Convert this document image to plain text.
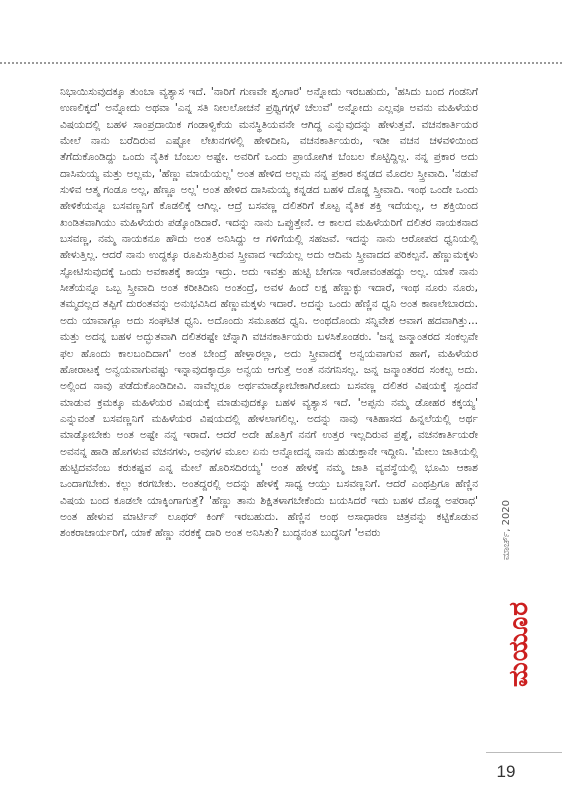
ನಿಭಾಯಿಸುವುದಕ್ಕೂ ತುಂಬಾ ವ್ಯತ್ಯಾಸ ಇದೆ. 'ನಾರಿಗೆ ಗುಣವೇ ಶೃಂಗಾರ' ಅನ್ನೋದು ಇರಬಹುದು, 'ಹಸಿದು ಬಂದ ಗಂಡನಿಗೆ ಉಣಲಿಕ್ಕದೆ' ಅನ್ನೋದು ಅಥವಾ 'ಎನ್ನ ಸತಿ ನೀಲಲೋಚನೆ ಪ್ರಥ್ವಿಗಗ್ಗಳೆ ಚೆಲುವೆ' ಅನ್ನೋದು ಎಲ್ಲವೂ ಅವನು ಮಹಿಳೆಯರ ವಿಷಯದಲ್ಲಿ ಬಹಳ ಸಾಂಪ್ರದಾಯಿಕ ಗಂಡಾಳ್ವಿಕೆಯ ಮನಸ್ಥಿತಿಯವನೇ ಆಗಿದ್ದ ಎನ್ನುವುದನ್ನು ಹೇಳುತ್ತವೆ. ವಚನಕಾರ್ತಿಯರ ಮೇಲೆ ನಾನು ಬರೆದಿರುವ ಎಷ್ಟೋ ಲೇಖನಗಳಲ್ಲಿ ಹೇಳಿದೀನಿ, ವಚನಕಾರ್ತಿಯರು, ಇಡೀ ವಚನ ಚಳವಳಿಯಿಂದ ತೆಗೆದುಕೊಂಡಿದ್ದು ಒಂದು ನೈತಿಕ ಬೆಂಬಲ ಅಷ್ಟೇ. ಅವರಿಗೆ ಒಂದು ಪ್ರಾಯೋಗಿಕ ಬೆಂಬಲ ಕೊಟ್ಟಿದ್ದಿಲ್ಲ. ನನ್ನ ಪ್ರಕಾರ ಅದು ದಾಸಿಮಯ್ಯ ಮತ್ತು ಅಲ್ಲಮ, 'ಹೆಣ್ಣು ಮಾಯೆಯಲ್ಲ' ಅಂತ ಹೇಳಿದ ಅಲ್ಲಮ ನನ್ನ ಪ್ರಕಾರ ಕನ್ನಡದ ಮೊದಲ ಸ್ತ್ರೀವಾದಿ. 'ನಡುವೆ ಸುಳಿವ ಆತ್ಮ ಗಂಡೂ ಅಲ್ಲ, ಹೆಣ್ಣೂ ಅಲ್ಲ' ಅಂತ ಹೇಳಿದ ದಾಸಿಮಯ್ಯ ಕನ್ನಡದ ಬಹಳ ದೊಡ್ಡ ಸ್ತ್ರೀವಾದಿ. ಇಂಥ ಒಂದೇ ಒಂದು ಹೇಳಿಕೆಯನ್ನೂ ಬಸವಣ್ಣನಿಗೆ ಕೊಡಲಿಕ್ಕೆ ಆಗಿಲ್ಲ. ಆದ್ರೆ ಬಸವಣ್ಣ ದಲಿತರಿಗೆ ಕೊಟ್ಟ ನೈತಿಕ ಶಕ್ತಿ ಇದೆಯಲ್ಲ, ಆ ಶಕ್ತಿಯಿಂದ ಖಂಡಿತವಾಗಿಯು ಮಹಿಳೆಯರು ಪಡ್ಕೊಂಡಿದಾರೆ. ಇದನ್ನು ನಾನು ಒಪ್ಪುತ್ತೇನೆ. ಆ ಕಾಲದ ಮಹಿಳೆಯರಿಗೆ ದಲಿತರ ನಾಯಕನಾದ ಬಸವಣ್ಣ, ನಮ್ಮ ನಾಯಕನೂ ಹೌದು ಅಂತ ಅನಿಸಿದ್ದು ಆ ಗಳಿಗೆಯಲ್ಲಿ ಸಹಜವೆ. ಇದನ್ನು ನಾನು ಆರೋಪದ ಧ್ವನಿಯಲ್ಲಿ ಹೇಳುತ್ತಿಲ್ಲ. ಆದರೆ ನಾನು ಉದ್ದಕ್ಕೂ ರೂಪಿಸುತ್ತಿರುವ ಸ್ತ್ರೀವಾದ ಇದೆಯಲ್ಲ ಅದು ಆದಿಮ ಸ್ತ್ರೀವಾದದ ಪರಿಕಲ್ಪನೆ. ಹೆಣ್ಣುಮಕ್ಕಳು ಸ್ಫೋಟಿಸುವುದಕ್ಕೆ ಒಂದು ಅವಕಾಶಕ್ಕೆ ಕಾಯ್ತಾ ಇದ್ರು. ಅದು ಇವತ್ತು ಹುಟ್ಟಿ ಬೇಗನಾ ಇರೋವಂತಹದ್ದು ಅಲ್ಲ. ಯಾಕೆ ನಾನು ಸೀತೆಯನ್ನೂ ಒಬ್ಬ ಸ್ತ್ರೀವಾದಿ ಅಂತ ಕರೀತಿದೀನಿ ಅಂತಂದ್ರೆ, ಅವಳ ಹಿಂದೆ ಲಕ್ಷ ಹೆಣ್ಣುಕ್ಳು ಇದಾರೆ, ಇಂಥ ನೂರು ನೂರು, ತಮ್ಮದಲ್ಲದ ತಪ್ಪಿಗೆ ದುರಂತವನ್ನು ಅನುಭವಿಸಿದ ಹೆಣ್ಣುಮಕ್ಕಳು ಇದಾರೆ. ಅದನ್ನು ಒಂದು ಹೆಣ್ಣಿನ ಧ್ವನಿ ಅಂತ ಕಾಣಲೇಬಾರದು. ಅದು ಯಾವಾಗ್ಲೂ ಅದು ಸಂಘಟಿತ ಧ್ವನಿ. ಅದೊಂದು ಸಮೂಹದ ಧ್ವನಿ. ಅಂಥದೊಂದು ಸನ್ನಿವೇಶ ಆವಾಗ ಹದವಾಗಿತ್ತು... ಮತ್ತು ಅದನ್ನ ಬಹಳ ಅದ್ಭುತವಾಗಿ ದಲಿತರಷ್ಟೇ ಚೆನ್ನಾಗಿ ವಚನಕಾರ್ತಿಯರು ಬಳಸಿಕೊಂಡರು. 'ಜನ್ನ ಜನ್ಮಾಂತರದ ಸಂಕಲ್ಪವೇ ಫಲ ಹೊಂದು ಕಾಲಬಂದಿದಾಗ' ಅಂತ ಬೇಂದ್ರೆ ಹೇಳ್ತಾರಲ್ಲಾ, ಅದು ಸ್ತ್ರೀವಾದಕ್ಕೆ ಅನ್ವಯವಾಗುವ ಹಾಗೆ, ಮಹಿಳೆಯರ ಹೋರಾಟಕ್ಕೆ ಅನ್ವಯವಾಗುವಷ್ಟು ಇನ್ನಾವುದಕ್ಕಾದ್ರೂ ಅನ್ವಯ ಆಗುತ್ತೆ ಅಂತ ನನಗನಿಸಲ್ಲ. ಜನ್ನ ಜನ್ಮಾಂತರದ ಸಂಕಲ್ಪ ಅದು. ಅಲ್ಲಿಂದ ನಾವು ಪಡೆದುಕೊಂಡಿದೀವಿ. ನಾವೆಲ್ಲರೂ ಅರ್ಥಮಾಡ್ಕೋಬೇಕಾಗಿರೋದು ಬಸವಣ್ಣ ದಲಿತರ ವಿಷಯಕ್ಕೆ ಸ್ಪಂದನೆ ಮಾಡುವ ಕ್ರಮಕ್ಕೂ ಮಹಿಳೆಯರ ವಿಷಯಕ್ಕೆ ಮಾಡುವುದಕ್ಕೂ ಬಹಳ ವ್ಯತ್ಯಾಸ ಇದೆ. 'ಅಪ್ಪನು ನಮ್ಮ ಡೋಹರ ಕಕ್ಕಯ್ಯ' ಎನ್ನುವಂತೆ ಬಸವಣ್ಣನಿಗೆ ಮಹಿಳೆಯರ ವಿಷಯದಲ್ಲಿ ಹೇಳಲಾಗಲಿಲ್ಲ. ಅದನ್ನು ನಾವು ಇತಿಹಾಸದ ಹಿನ್ನಲೆಯಲ್ಲಿ ಅರ್ಥ ಮಾಡ್ಕೋಬೇಕು ಅಂತ ಅಷ್ಟೇ ನನ್ನ ಇರಾದೆ. ಆದರೆ ಅದೇ ಹೊತ್ತಿಗೆ ನನಗೆ ಉತ್ತರ ಇಲ್ಲದಿರುವ ಪ್ರಶ್ನೆ, ವಚನಕಾರ್ತಿಯರೇ ಅವನನ್ನ ಹಾಡಿ ಹೊಗಳುವ ವಚನಗಳು, ಅವುಗಳ ಮೂಲ ಏನು ಅನ್ನೋದನ್ನ ನಾನು ಹುಡುಕ್ತಾನೇ ಇದ್ದೀನಿ. 'ಮೇಲು ಜಾತಿಯಲ್ಲಿ ಹುಟ್ಟಿದವನೆಂಬ ಕರುಕಷ್ಟವ ಎನ್ನ ಮೇಲೆ ಹೊರಿಸದಿರಯ್ಯ' ಅಂತ ಹೇಳಕ್ಕೆ ನಮ್ಮ ಜಾತಿ ವ್ಯವಸ್ಥೆಯಲ್ಲಿ ಭೂಮಿ ಆಕಾಶ ಒಂದಾಗಬೇಕು. ಕಲ್ಲು ಕರಗಬೇಕು. ಅಂತದ್ದರಲ್ಲಿ ಅದನ್ನು ಹೇಳಕ್ಕೆ ಸಾಧ್ಯ ಆಯ್ತು ಬಸವಣ್ಣನಿಗೆ. ಆದರೆ ಎಂಥಪ್ರಿಗೂ ಹೆಣ್ಣಿನ ವಿಷಯ ಬಂದ ಕೂಡಲೇ ಯಾಕ್ಕಿಂಗಾಗುತ್ತೆ? 'ಹೆಣ್ಣು ತಾನು ಶಿಕ್ಷಿತಳಾಗಬೇಕೆಂದು ಬಯಸಿದರೆ ಇದು ಬಹಳ ದೊಡ್ಡ ಅಪರಾಧ' ಅಂತ ಹೇಳುವ ಮಾರ್ಟಿನ್ ಲೂಥರ್ ಕಿಂಗ್ ಇರಬಹುದು. ಹೆಣ್ಣಿನ ಅಂಥ ಅಸಾಧಾರಣ ಚಿತ್ರವನ್ನು ಕಟ್ಟಿಕೊಡುವ ಶಂಕರಾಚಾರ್ಯರಿಗೆ, ಯಾಕೆ ಹೆಣ್ಣು ನರಕಕ್ಕೆ ದಾರಿ ಅಂತ ಅನಿಸಿತು? ಬುದ್ಧನಂತ ಬುದ್ಧನಿಗೆ 'ಅವರು	ಮಾರ್ಚ್, 2020
ಮಯೂರ
19
